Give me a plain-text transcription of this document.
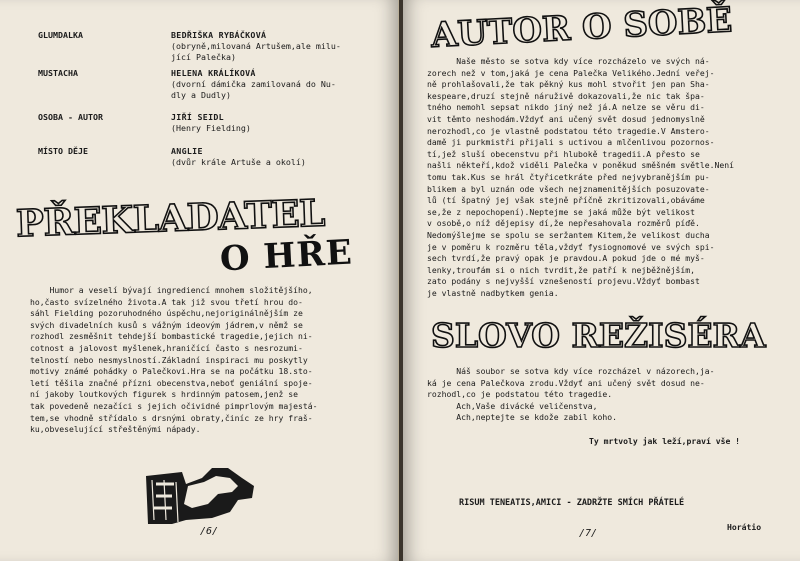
GLUMDALKA	BEDŘIŠKA RYBÁČKOVÁ
(obryně,milovaná Artušem,ale milu-
jící Palečka)
MUSTACHA	HELENA KRÁLÍKOVÁ
(dvorní dámička zamilovaná do Nu-
dly a Dudly)
OSOBA - AUTOR	JIŘÍ SEIDL
(Henry Fielding)
MÍSTO DĚJE	ANGLIE
(dvůr krále Artuše a okolí)
PŘEKLADATEL
O HŘE

Humor a veselí bývají ingrediencí mnohem složitějšího,

ho,často svízelného života.A tak již svou třetí hrou do-

sáhl Fielding pozoruhodného úspěchu,nejoriginálnějším ze

svých divadelních kusů s vážným ideovým jádrem,v němž se

rozhodl zesměšnit tehdejší bombastické tragedie,jejich ni-

cotnost a jalovost myšlenek,hraničící často s nesrozumi-

telností nebo nesmyslností.Základní inspiraci mu poskytly

motivy známé pohádky o Palečkovi.Hra se na počátku 18.sto-

letí těšila značné přízni obecenstva,neboť geniální spoje-

ní jakoby loutkových figurek s hrdinným patosem,jenž se

tak povedeně nezačíci s jejich očividné pimprlovým majestá-

tem,se vhodně střídalo s drsnými obraty,činíc ze hry fraš-

ku,obveselující střeštěnými nápady.

/6/
AUTOR O SOBĚ

Naše město se sotva kdy více rozcházelo ve svých ná-

zorech než v tom,jaká je cena Palečka Velikého.Jední veřej-

ně prohlašovali,že tak pěkný kus mohl stvořit jen pan Sha-

kespeare,druzí stejně náruživě dokazovali,že nic tak špa-

tného nemohl sepsat nikdo jiný než já.A nelze se věru di-

vit těmto neshodám.Vždyť ani učený svět dosud jednomyslně

nerozhodl,co je vlastně podstatou této tragedie.V Amstero-

damě ji purkmistři přijali s uctivou a mlčenlivou pozornos-

tí,jež sluší obecenstvu při hlubokě tragedii.A přesto se

našli někteří,kdož viděli Palečka v poněkud směšném světle.Není

tomu tak.Kus se hrál čtyřicetkráte před nejvybranějším pu-

blikem a byl uznán ode všech nejznamenitějších posuzovate-

lů (tí špatný jej však stejně příčně zkritizovali,obáváme

se,že z nepochopení).Neptejme se jaká může být velikost

v osobě,o níž dějepisy dí,že nepřesahovala rozměrů píďě.

Nedomýšlejme se spolu se seržantem Kitem,že velikost ducha

je v poměru k rozměru těla,vždyť fysiognomové ve svých spi-

sech tvrdí,že pravý opak je pravdou.A pokud jde o mé myš-

lenky,troufám si o nich tvrdit,že patří k nejběžnějším,

zato podány s nejvyšší vznešeností projevu.Vždyť bombast

je vlastně nadbytkem genia.

SLOVO REŽISÉRA

Náš soubor se sotva kdy více rozcházel v názorech,ja-

ká je cena Palečkova zrodu.Vždyť ani učený svět dosud ne-

rozhodl,co je podstatou této tragedie.

Ach,Vaše divácké veličenstva,

Ach,neptejte se kdože zabil koho.

Ty mrtvoly jak leží,praví vše !
RISUM TENEATIS,AMICI - ZADRŽTE SMÍCH PŘÁTELÉ
Horátio
/7/
